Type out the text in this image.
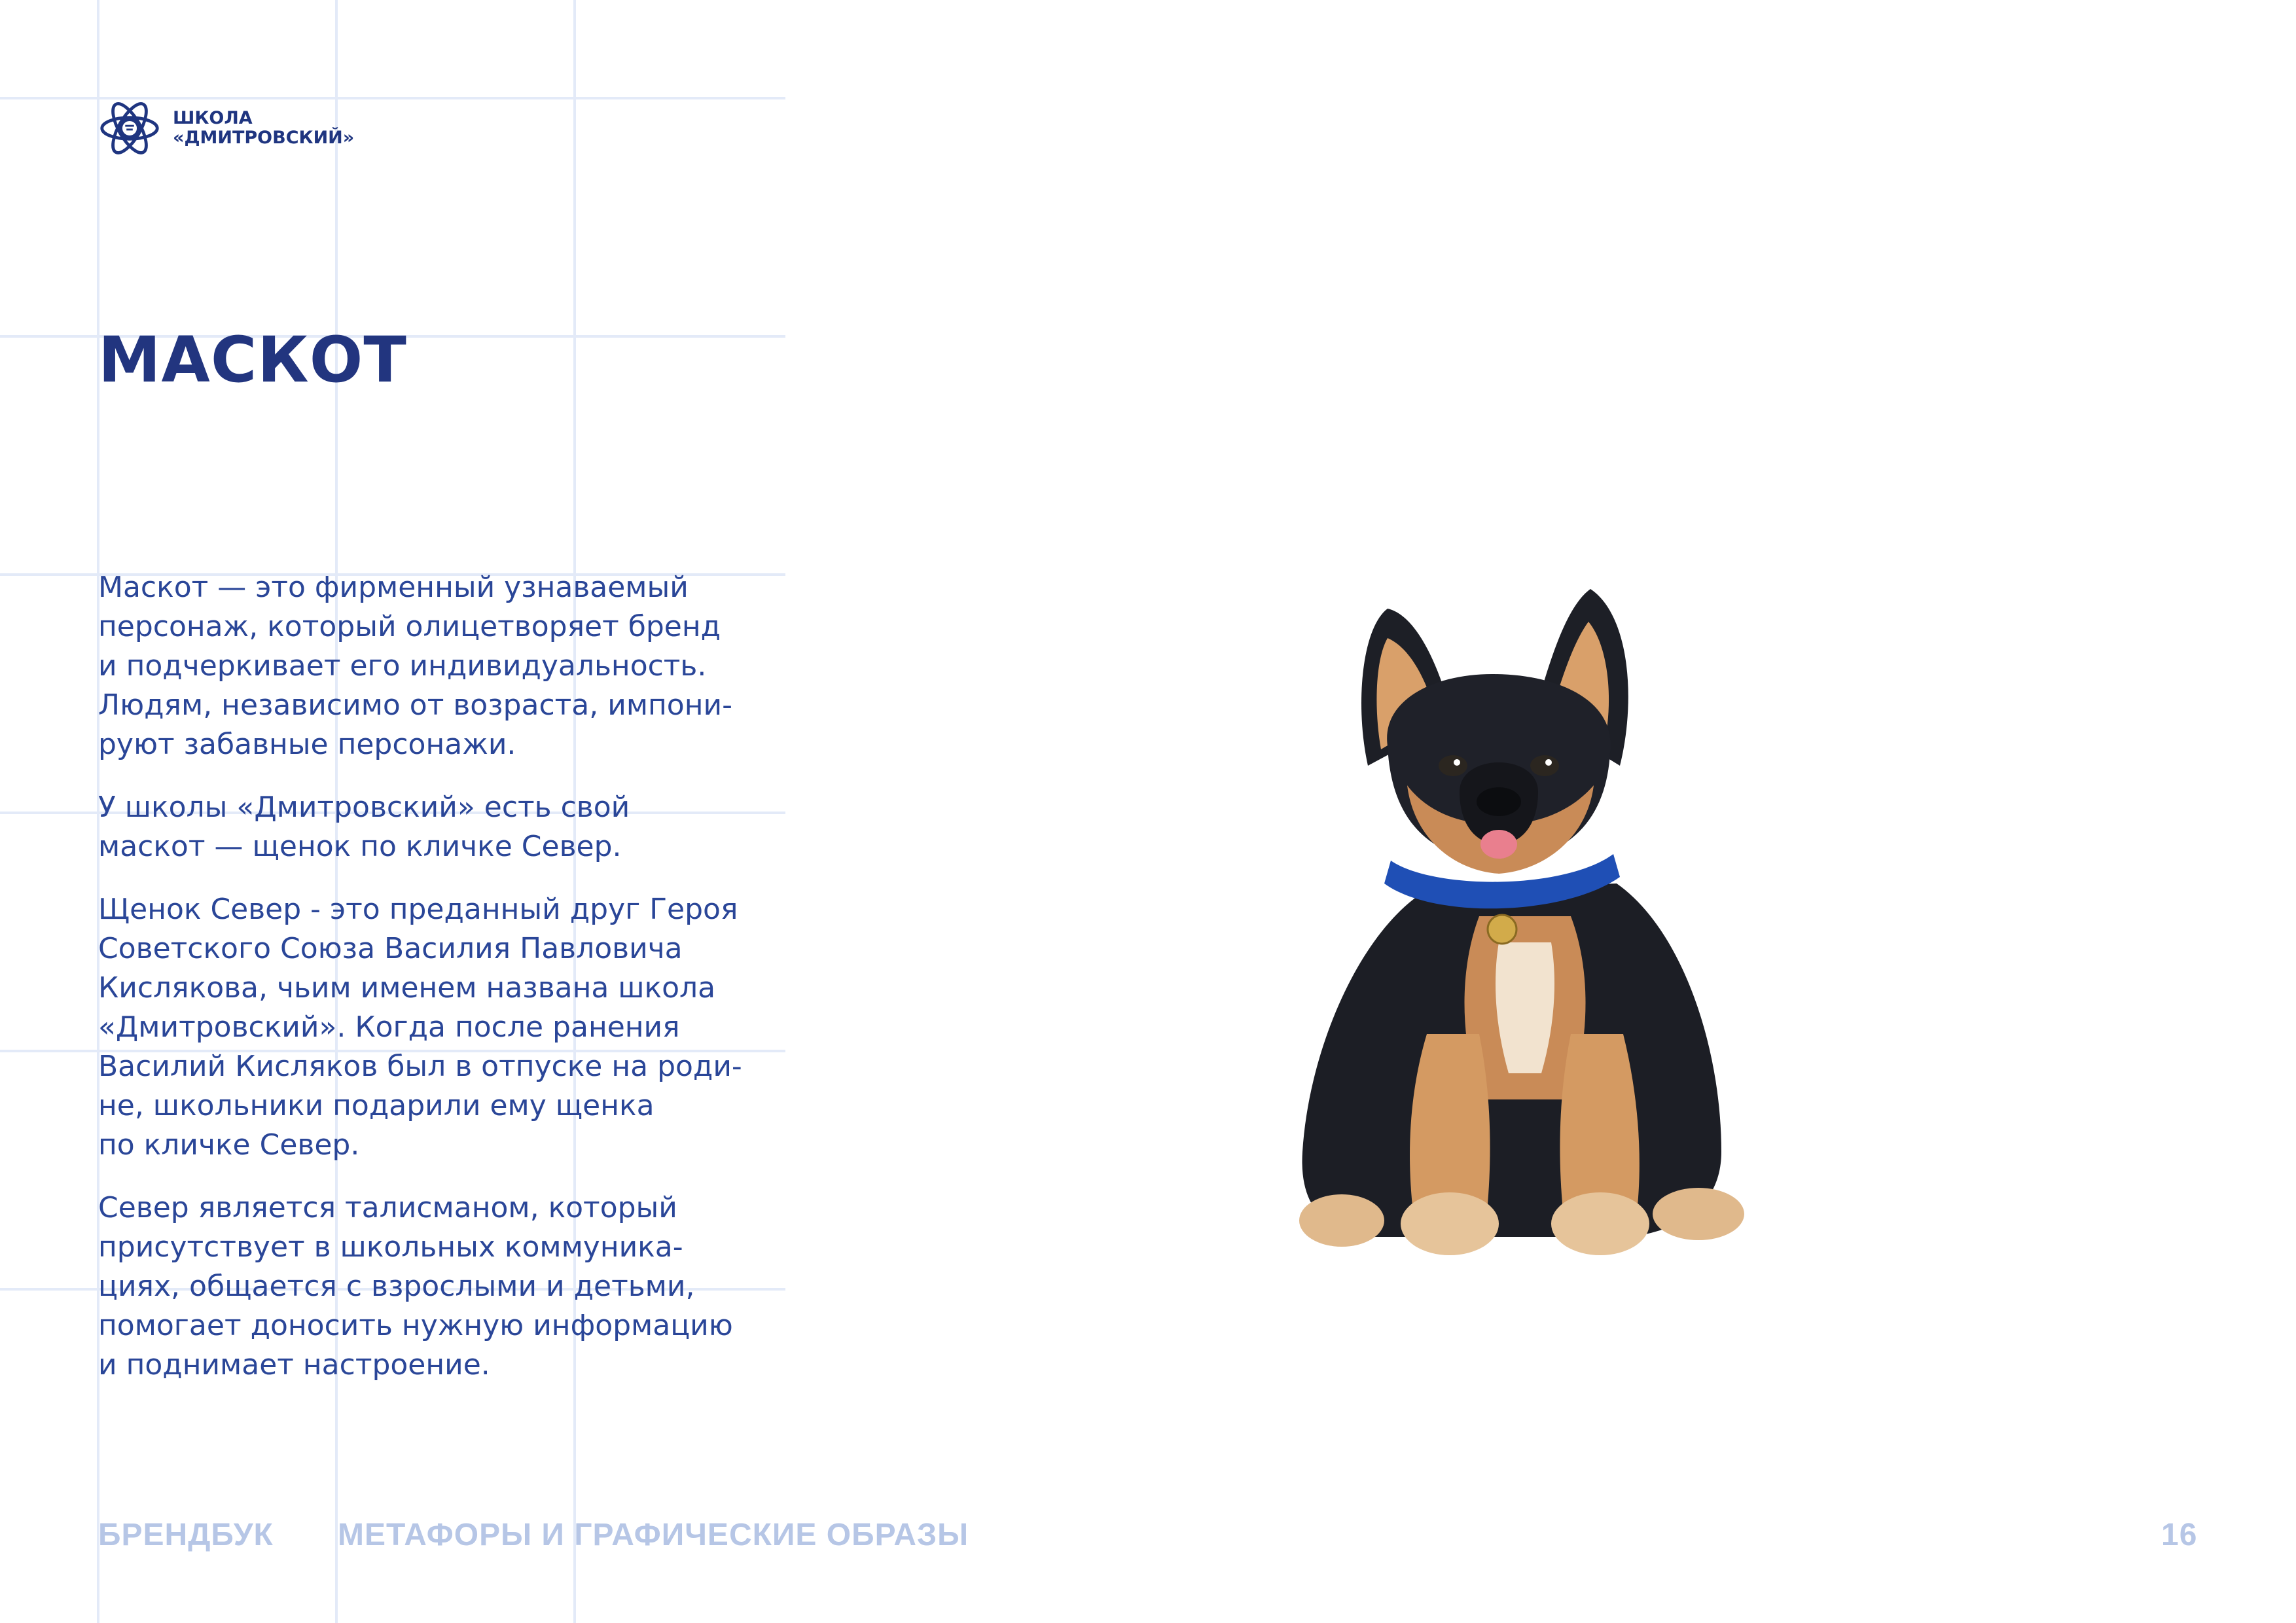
ШКОЛА
«ДМИТРОВСКИЙ»
МАСКОТ

Маскот — это фирменный узнаваемый
персонаж, который олицетворяет бренд
и подчеркивает его индивидуальность.
Людям, независимо от возраста, импони-
руют забавные персонажи.

У школы «Дмитровский» есть свой
маскот — щенок по кличке Север.

Щенок Север - это преданный друг Героя
Советского Союза Василия Павловича
Кислякова, чьим именем названа школа
«Дмитровский». Когда после ранения
Василий Кисляков был в отпуске на роди-
не, школьники подарили ему щенка
по кличке Север.

Север является талисманом, который
присутствует в школьных коммуника-
циях, общается с взрослыми и детьми,
помогает доносить нужную информацию
и поднимает настроение.

БРЕНДБУК МЕТАФОРЫ И ГРАФИЧЕСКИЕ ОБРАЗЫ	16
